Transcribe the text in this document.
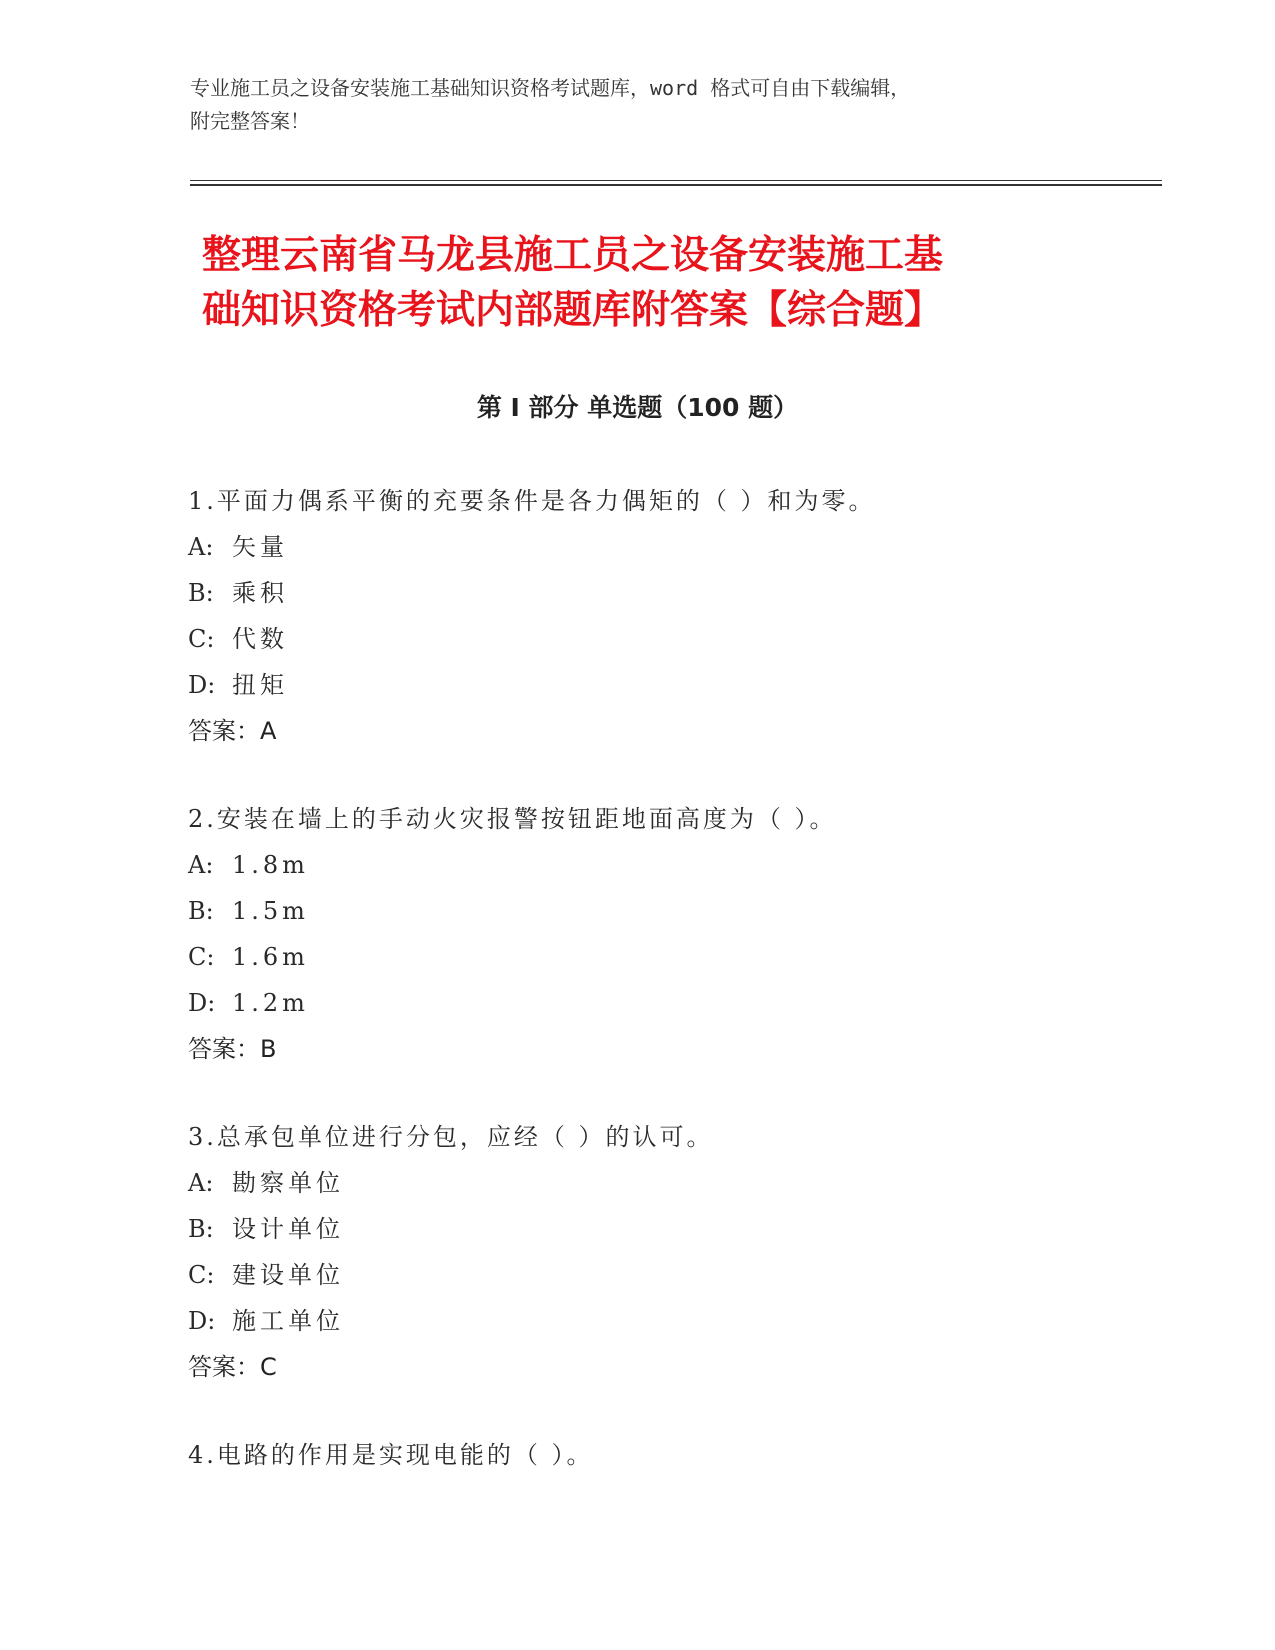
专业施工员之设备安装施工基础知识资格考试题库，word 格式可自由下载编辑，
附完整答案！
整理云南省马龙县施工员之设备安装施工基
础知识资格考试内部题库附答案【综合题】
第 I 部分 单选题（100 题）
1.平面力偶系平衡的充要条件是各力偶矩的（ ）和为零。
A: 矢量
B: 乘积
C: 代数
D: 扭矩
答案：A
2.安装在墙上的手动火灾报警按钮距地面高度为（ ）。
A: 1.8m
B: 1.5m
C: 1.6m
D: 1.2m
答案：B
3.总承包单位进行分包，应经（ ）的认可。
A: 勘察单位
B: 设计单位
C: 建设单位
D: 施工单位
答案：C
4.电路的作用是实现电能的（ ）。
